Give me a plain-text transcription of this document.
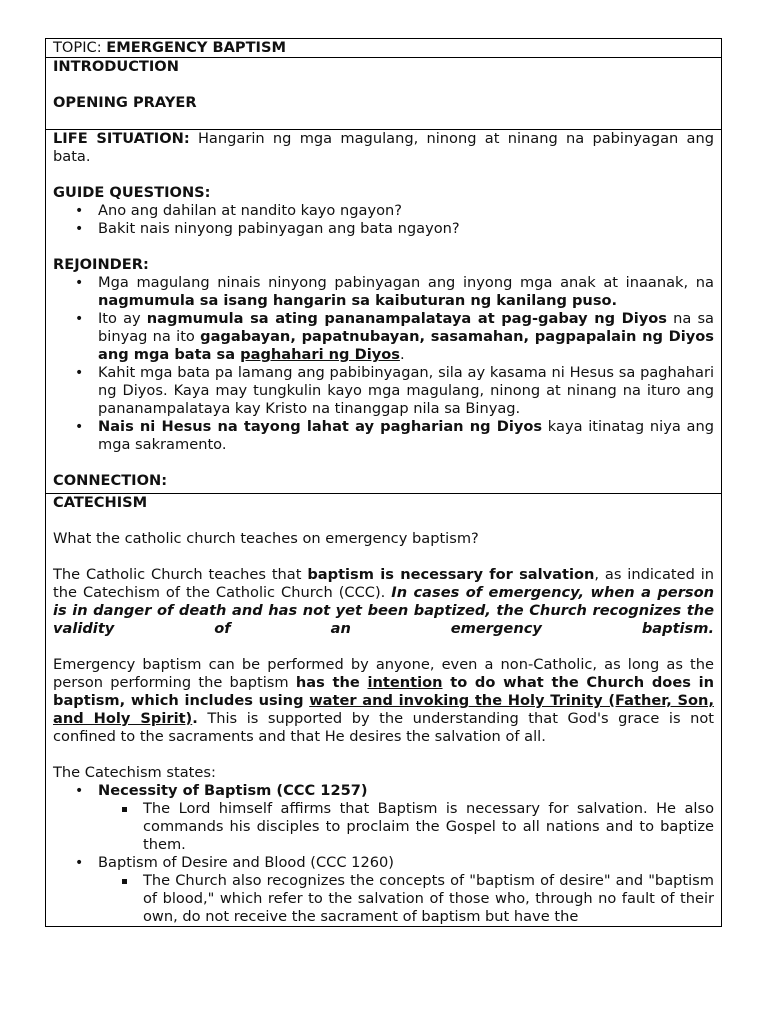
TOPIC: EMERGENCY BAPTISM

INTRODUCTION

OPENING PRAYER

LIFE SITUATION: Hangarin ng mga magulang, ninong at ninang na pabinyagan ang bata.

GUIDE QUESTIONS:

• Ano ang dahilan at nandito kayo ngayon?
• Bakit nais ninyong pabinyagan ang bata ngayon?

REJOINDER:

• Mga magulang ninais ninyong pabinyagan ang inyong mga anak at inaanak, na nagmumula sa isang hangarin sa kaibuturan ng kanilang puso.
• Ito ay nagmumula sa ating pananampalataya at pag-gabay ng Diyos na sa binyag na ito gagabayan, papatnubayan, sasamahan, pagpapalain ng Diyos ang mga bata sa paghahari ng Diyos.
• Kahit mga bata pa lamang ang pabibinyagan, sila ay kasama ni Hesus sa paghahari ng Diyos. Kaya may tungkulin kayo mga magulang, ninong at ninang na ituro ang pananampalataya kay Kristo na tinanggap nila sa Binyag.
• Nais ni Hesus na tayong lahat ay pagharian ng Diyos kaya itinatag niya ang mga sakramento.

CONNECTION:

CATECHISM

What the catholic church teaches on emergency baptism?

The Catholic Church teaches that baptism is necessary for salvation, as indicated in the Catechism of the Catholic Church (CCC). In cases of emergency, when a person is in danger of death and has not yet been baptized, the Church recognizes the validity of an emergency baptism.

Emergency baptism can be performed by anyone, even a non-Catholic, as long as the person performing the baptism has the intention to do what the Church does in baptism, which includes using water and invoking the Holy Trinity (Father, Son, and Holy Spirit). This is supported by the understanding that God's grace is not confined to the sacraments and that He desires the salvation of all.

The Catechism states:

• Necessity of Baptism (CCC 1257)
The Lord himself affirms that Baptism is necessary for salvation. He also commands his disciples to proclaim the Gospel to all nations and to baptize them.
• Baptism of Desire and Blood (CCC 1260)
The Church also recognizes the concepts of "baptism of desire" and "baptism of blood," which refer to the salvation of those who, through no fault of their own, do not receive the sacrament of baptism but have the
